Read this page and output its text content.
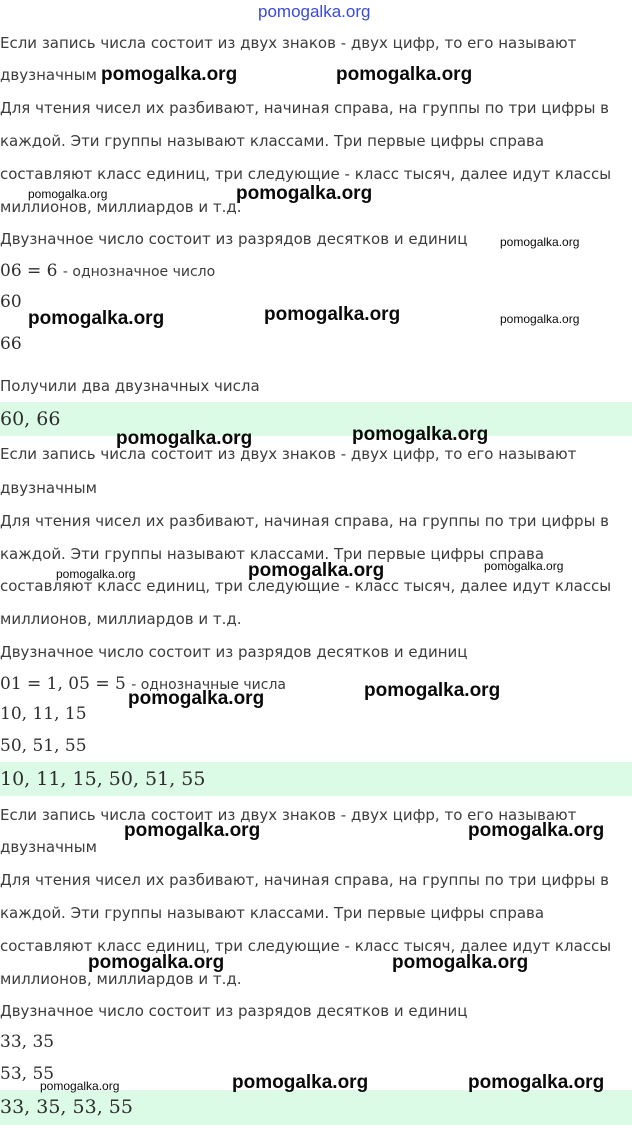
pomogalka.org
Если запись числа состоит из двух знаков - двух цифр, то его называют
двузначным
Для чтения чисел их разбивают, начиная справа, на группы по три цифры в
каждой. Эти группы называют классами. Три первые цифры справа
составляют класс единиц, три следующие - класс тысяч, далее идут классы
миллионов, миллиардов и т.д.
Двузначное число состоит из разрядов десятков и единиц
06 = 6 - однозначное число
60
66
Получили два двузначных числа
60, 66
Если запись числа состоит из двух знаков - двух цифр, то его называют
двузначным
Для чтения чисел их разбивают, начиная справа, на группы по три цифры в
каждой. Эти группы называют классами. Три первые цифры справа
составляют класс единиц, три следующие - класс тысяч, далее идут классы
миллионов, миллиардов и т.д.
Двузначное число состоит из разрядов десятков и единиц
01 = 1, 05 = 5 - однозначные числа
10, 11, 15
50, 51, 55
10, 11, 15, 50, 51, 55
Если запись числа состоит из двух знаков - двух цифр, то его называют
двузначным
Для чтения чисел их разбивают, начиная справа, на группы по три цифры в
каждой. Эти группы называют классами. Три первые цифры справа
составляют класс единиц, три следующие - класс тысяч, далее идут классы
миллионов, миллиардов и т.д.
Двузначное число состоит из разрядов десятков и единиц
33, 35
53, 55
33, 35, 53, 55
pomogalka.org	pomogalka.org
pomogalka.org	pomogalka.org
pomogalka.org
pomogalka.org	pomogalka.org	pomogalka.org
pomogalka.org	pomogalka.org
pomogalka.org	pomogalka.org	pomogalka.org
pomogalka.org	pomogalka.org
pomogalka.org	pomogalka.org
pomogalka.org	pomogalka.org
pomogalka.org	pomogalka.org	pomogalka.org
